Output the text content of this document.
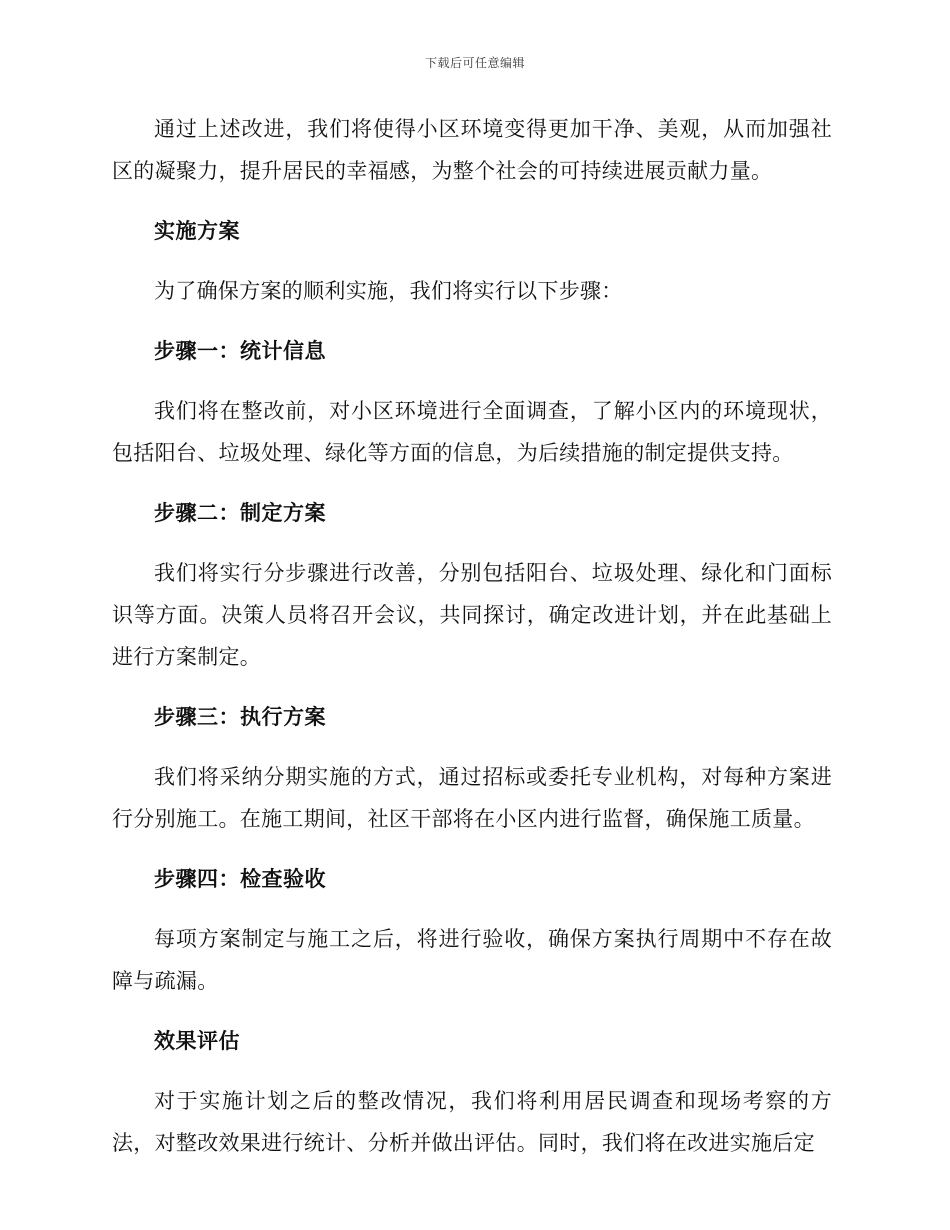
下载后可任意编辑

通过上述改进，我们将使得小区环境变得更加干净、美观，从而加强社区的凝聚力，提升居民的幸福感，为整个社会的可持续进展贡献力量。

实施方案

为了确保方案的顺利实施，我们将实行以下步骤：

步骤一：统计信息

我们将在整改前，对小区环境进行全面调查，了解小区内的环境现状，包括阳台、垃圾处理、绿化等方面的信息，为后续措施的制定提供支持。

步骤二：制定方案

我们将实行分步骤进行改善，分别包括阳台、垃圾处理、绿化和门面标识等方面。决策人员将召开会议，共同探讨，确定改进计划，并在此基础上进行方案制定。

步骤三：执行方案

我们将采纳分期实施的方式，通过招标或委托专业机构，对每种方案进行分别施工。在施工期间，社区干部将在小区内进行监督，确保施工质量。

步骤四：检查验收

每项方案制定与施工之后，将进行验收，确保方案执行周期中不存在故障与疏漏。

效果评估

对于实施计划之后的整改情况，我们将利用居民调查和现场考察的方法，对整改效果进行统计、分析并做出评估。同时，我们将在改进实施后定
